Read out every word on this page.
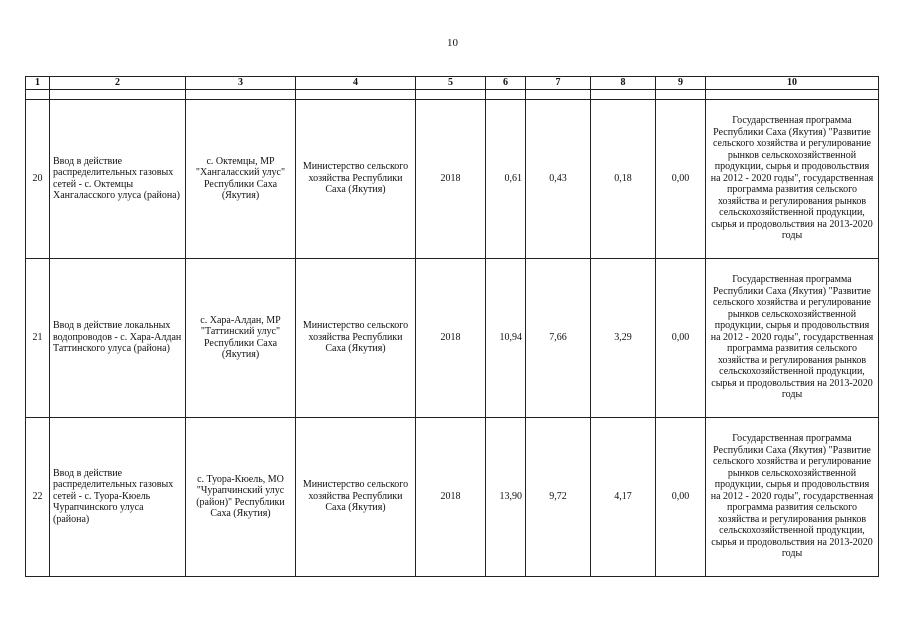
10
1	2	3	4	5	6	7	8	9	10

20	Ввод в действие распределительных газовых сетей - с. Октемцы Хангаласского улуса (района)	с. Октемцы, МР "Хангаласский улус" Республики Саха (Якутия)	Министерство сельского хозяйства Республики Саха (Якутия)	2018	0,61	0,43	0,18	0,00	Государственная программа Республики Саха (Якутия) "Развитие сельского хозяйства и регулирование рынков сельскохозяйственной продукции, сырья и продовольствия на 2012 - 2020 годы", государственная программа развития сельского хозяйства и регулирования рынков сельскохозяйственной продукции, сырья и продовольствия на 2013-2020 годы
21	Ввод в действие локальных водопроводов - с. Хара-Алдан Таттинского улуса (района)	с. Хара-Алдан, МР "Таттинский улус" Республики Саха (Якутия)	Министерство сельского хозяйства Республики Саха (Якутия)	2018	10,94	7,66	3,29	0,00	Государственная программа Республики Саха (Якутия) "Развитие сельского хозяйства и регулирование рынков сельскохозяйственной продукции, сырья и продовольствия на 2012 - 2020 годы", государственная программа развития сельского хозяйства и регулирования рынков сельскохозяйственной продукции, сырья и продовольствия на 2013-2020 годы
22	Ввод в действие распределительных газовых сетей - с. Туора-Кюель Чурапчинского улуса (района)	с. Туора-Кюель, МО "Чурапчинский улус (район)" Республики Саха (Якутия)	Министерство сельского хозяйства Республики Саха (Якутия)	2018	13,90	9,72	4,17	0,00	Государственная программа Республики Саха (Якутия) "Развитие сельского хозяйства и регулирование рынков сельскохозяйственной продукции, сырья и продовольствия на 2012 - 2020 годы", государственная программа развития сельского хозяйства и регулирования рынков сельскохозяйственной продукции, сырья и продовольствия на 2013-2020 годы
